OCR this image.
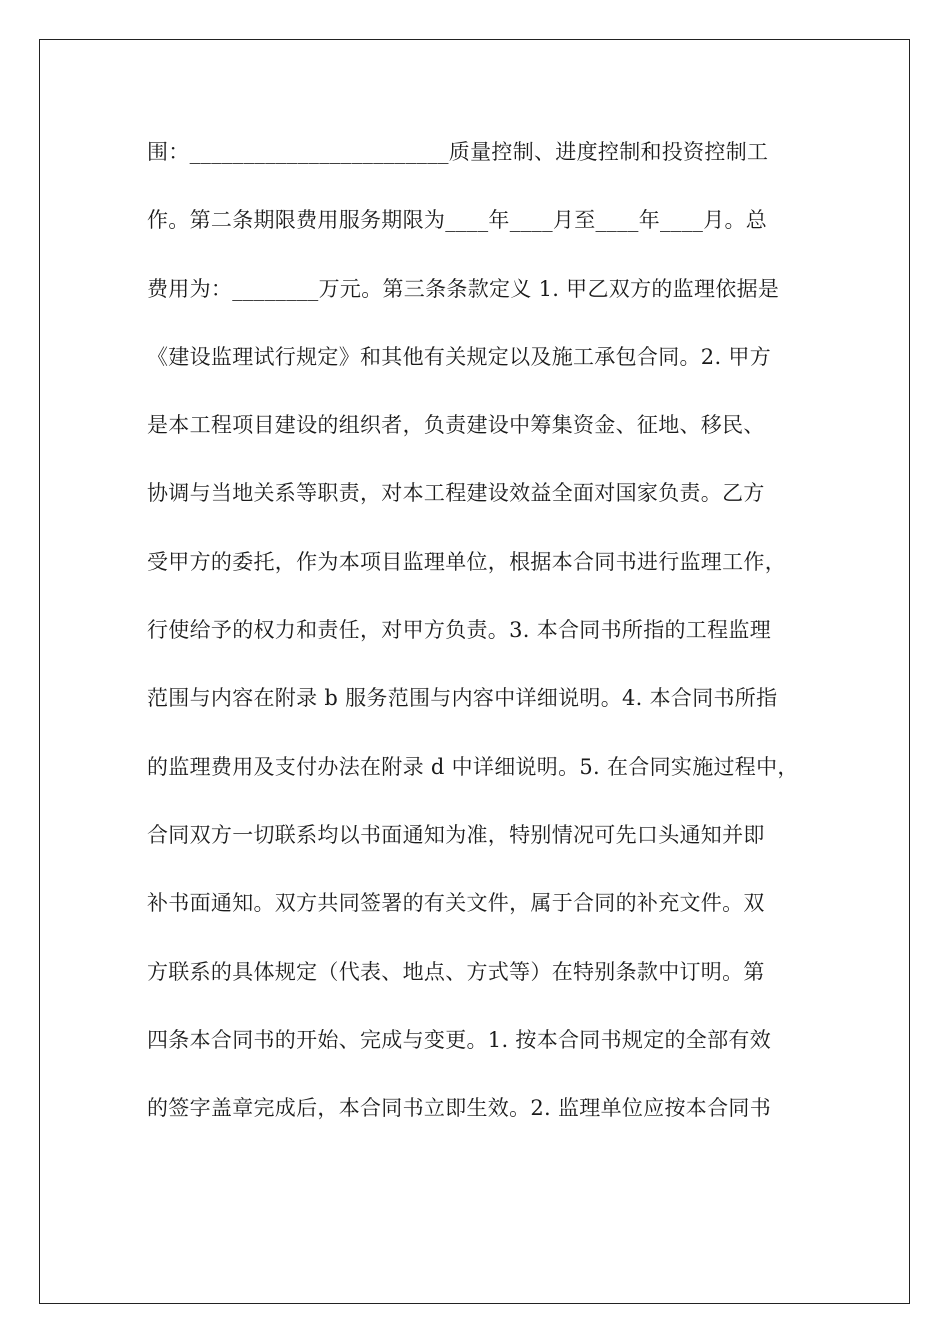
围：________________________质量控制、进度控制和投资控制工
作。第二条期限费用服务期限为____年____月至____年____月。总
费用为：________万元。第三条条款定义 1. 甲乙双方的监理依据是
《建设监理试行规定》和其他有关规定以及施工承包合同。2. 甲方
是本工程项目建设的组织者，负责建设中筹集资金、征地、移民、
协调与当地关系等职责，对本工程建设效益全面对国家负责。乙方
受甲方的委托，作为本项目监理单位，根据本合同书进行监理工作，
行使给予的权力和责任，对甲方负责。3. 本合同书所指的工程监理
范围与内容在附录 b 服务范围与内容中详细说明。4. 本合同书所指
的监理费用及支付办法在附录 d 中详细说明。5. 在合同实施过程中，
合同双方一切联系均以书面通知为准，特别情况可先口头通知并即
补书面通知。双方共同签署的有关文件，属于合同的补充文件。双
方联系的具体规定（代表、地点、方式等）在特别条款中订明。第
四条本合同书的开始、完成与变更。1. 按本合同书规定的全部有效
的签字盖章完成后，本合同书立即生效。2. 监理单位应按本合同书
